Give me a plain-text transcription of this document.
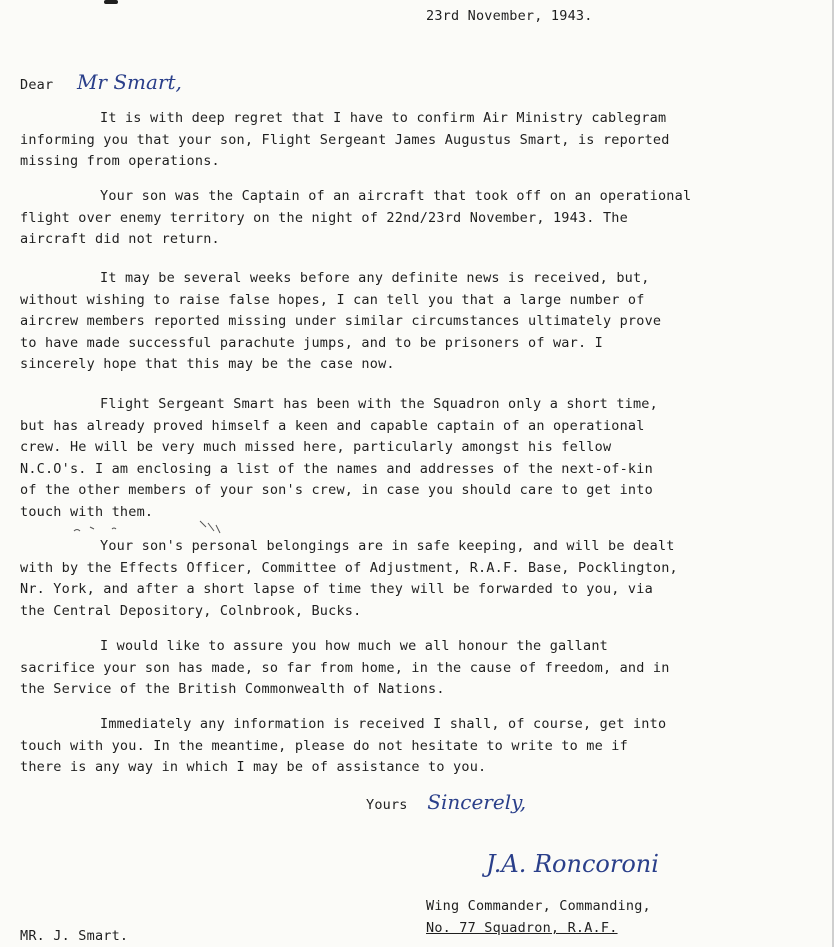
23rd November, 1943.
Dear Mr Smart,
It is with deep regret that I have to confirm Air Ministry cablegram
informing you that your son, Flight Sergeant James Augustus Smart, is reported
missing from operations.
Your son was the Captain of an aircraft that took off on an operational
flight over enemy territory on the night of 22nd/23rd November, 1943. The
aircraft did not return.
It may be several weeks before any definite news is received, but,
without wishing to raise false hopes, I can tell you that a large number of
aircrew members reported missing under similar circumstances ultimately prove
to have made successful parachute jumps, and to be prisoners of war. I
sincerely hope that this may be the case now.
Flight Sergeant Smart has been with the Squadron only a short time,
but has already proved himself a keen and capable captain of an operational
crew. He will be very much missed here, particularly amongst his fellow
N.C.O's. I am enclosing a list of the names and addresses of the next-of-kin
of the other members of your son's crew, in case you should care to get into
touch with them.
Your son's personal belongings are in safe keeping, and will be dealt
with by the Effects Officer, Committee of Adjustment, R.A.F. Base, Pocklington,
Nr. York, and after a short lapse of time they will be forwarded to you, via
the Central Depository, Colnbrook, Bucks.
I would like to assure you how much we all honour the gallant
sacrifice your son has made, so far from home, in the cause of freedom, and in
the Service of the British Commonwealth of Nations.
Immediately any information is received I shall, of course, get into
touch with you. In the meantime, please do not hesitate to write to me if
there is any way in which I may be of assistance to you.
Yours Sincerely,
J.A. Roncoroni
Wing Commander, Commanding,
No. 77 Squadron, R.A.F.
MR. J. Smart.
